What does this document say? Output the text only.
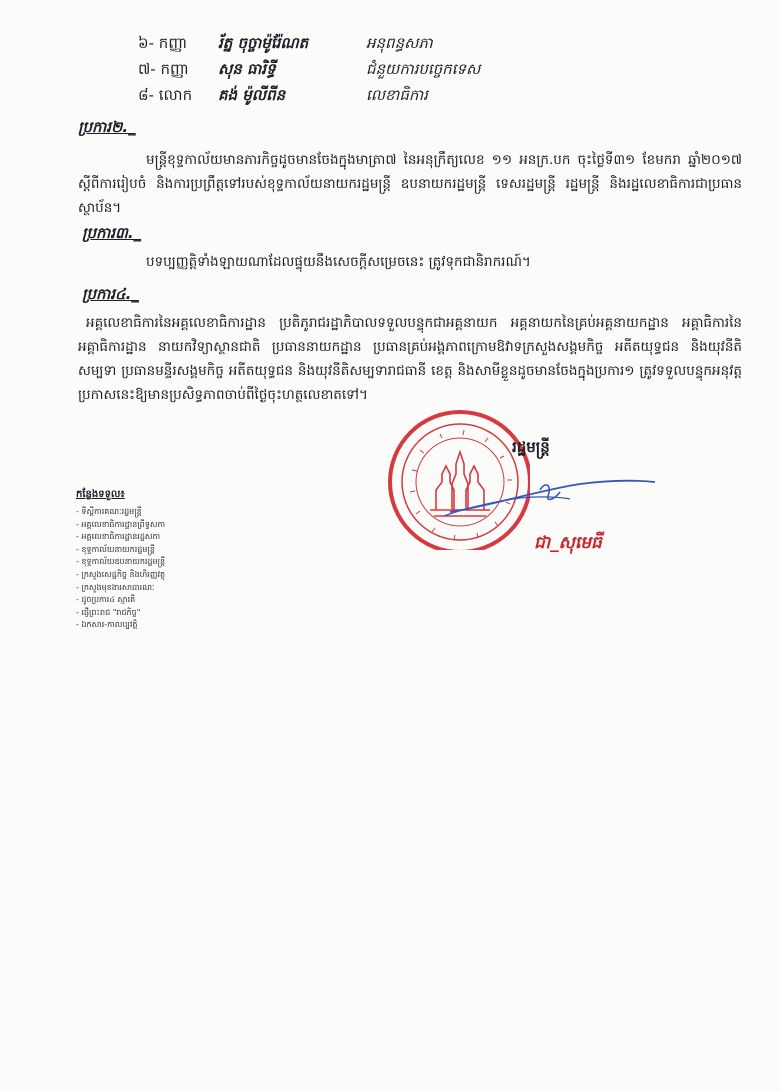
៦- កញ្ញា រ័ត្ន ចុច្ចាម៉ូរ៉ែណត	អនុពន្ធសភា
៧- កញ្ញា សុន ធារិទ្ធី	ជំនួយការបច្ចេកទេស
៨- លោក គង់ ម៉ូលីពីន	លេខាធិការ
ប្រការ២._
មន្ត្រីខុទ្ទកាល័យមានភារកិច្ចដូចមានចែងក្នុងមាត្រា៧ នៃអនុក្រឹត្យលេខ ១១ អនក្រ.បក ចុះថ្ងៃទី៣១ ខែមករា ឆ្នាំ២០១៧ ស្តីពីការរៀបចំ និងការប្រព្រឹត្តទៅរបស់ខុទ្ទកាល័យនាយករដ្ឋមន្ត្រី ឧបនាយករដ្ឋមន្ត្រី ទេសរដ្ឋមន្ត្រី រដ្ឋមន្ត្រី និងរដ្ឋលេខាធិការជាប្រធានស្ថាប័ន។
ប្រការ៣._
បទប្បញ្ញត្តិទាំងឡាយណាដែលផ្ទុយនឹងសេចក្តីសម្រេចនេះ ត្រូវទុកជានិរាករណ៍។
ប្រការ៤._
អគ្គលេខាធិការនៃអគ្គលេខាធិការដ្ឋាន ប្រតិភូរាជរដ្ឋាភិបាលទទួលបន្ទុកជាអគ្គនាយក អគ្គនាយកនៃគ្រប់អគ្គនាយកដ្ឋាន អគ្គាធិការនៃអគ្គាធិការដ្ឋាន នាយកវិទ្យាស្ថានជាតិ ប្រធាននាយកដ្ឋាន ប្រធានគ្រប់អង្គភាពក្រោមឱវាទក្រសួងសង្គមកិច្ច អតីតយុទ្ធជន និងយុវនីតិសម្បទា ប្រធានមន្ទីរសង្គមកិច្ច អតីតយុទ្ធជន និងយុវនីតិសម្បទារាជធានី ខេត្ត និងសាមីខ្លួនដូចមានចែងក្នុងប្រការ១ ត្រូវទទួលបន្ទុកអនុវត្តប្រកាសនេះឱ្យមានប្រសិទ្ធភាពចាប់ពីថ្ងៃចុះហត្ថលេខាតទៅ។
រដ្ឋមន្ត្រី
ជា_សុមេធី
កន្លែងទទួល៖
- ទីស្តីការគណៈរដ្ឋមន្ត្រី
- អគ្គលេខាធិការដ្ឋានព្រឹទ្ធសភា
- អគ្គលេខាធិការដ្ឋានរដ្ឋសភា
- ខុទ្ទកាល័យនាយករដ្ឋមន្ត្រី
- ខុទ្ទកាល័យឧបនាយករដ្ឋមន្ត្រី
- ក្រសួងសេដ្ឋកិច្ច និងហិរញ្ញវត្ថុ
- ក្រសួងមុខងារសាធារណៈ
- ដូចប្រការ៤ ស្មារតី
- ផ្ញើព្រះរាជ "រាជកិច្ច"
- ឯកសារ-កាលប្បវត្តិ
